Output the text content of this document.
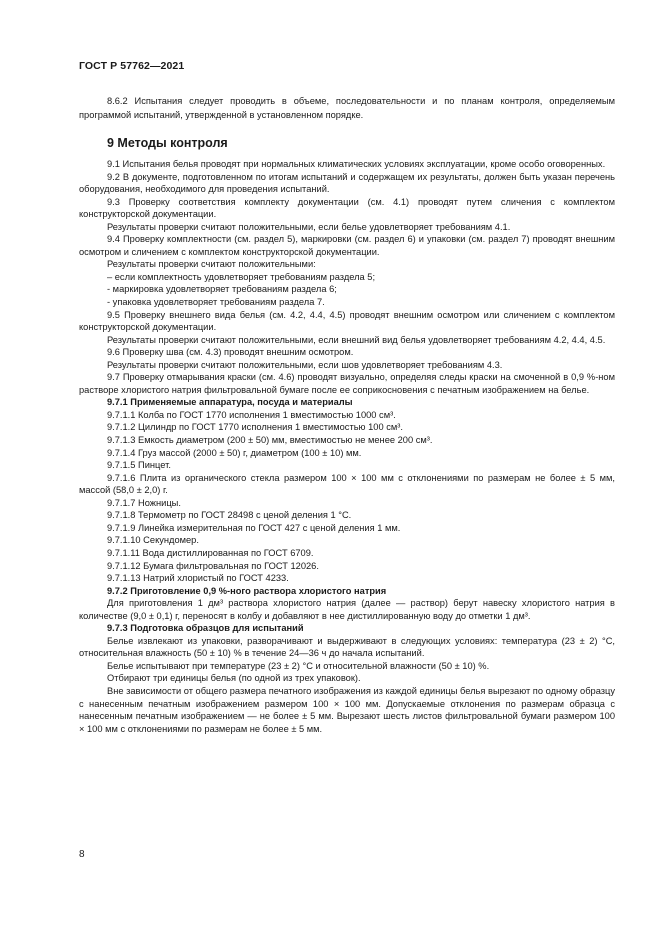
ГОСТ Р 57762—2021

8.6.2 Испытания следует проводить в объеме, последовательности и по планам контроля, определяемым программой испытаний, утвержденной в установленном порядке.

9 Методы контроля

9.1 Испытания белья проводят при нормальных климатических условиях эксплуатации, кроме особо оговоренных.

9.2 В документе, подготовленном по итогам испытаний и содержащем их результаты, должен быть указан перечень оборудования, необходимого для проведения испытаний.

9.3 Проверку соответствия комплекту документации (см. 4.1) проводят путем сличения с комплектом конструкторской документации.

Результаты проверки считают положительными, если белье удовлетворяет требованиям 4.1.

9.4 Проверку комплектности (см. раздел 5), маркировки (см. раздел 6) и упаковки (см. раздел 7) проводят внешним осмотром и сличением с комплектом конструкторской документации.

Результаты проверки считают положительными:

– если комплектность удовлетворяет требованиям раздела 5;

- маркировка удовлетворяет требованиям раздела 6;

- упаковка удовлетворяет требованиям раздела 7.

9.5 Проверку внешнего вида белья (см. 4.2, 4.4, 4.5) проводят внешним осмотром или сличением с комплектом конструкторской документации.

Результаты проверки считают положительными, если внешний вид белья удовлетворяет требованиям 4.2, 4.4, 4.5.

9.6 Проверку шва (см. 4.3) проводят внешним осмотром.

Результаты проверки считают положительными, если шов удовлетворяет требованиям 4.3.

9.7 Проверку отмарывания краски (см. 4.6) проводят визуально, определяя следы краски на смоченной в 0,9 %-ном растворе хлористого натрия фильтровальной бумаге после ее соприкосновения с печатным изображением на белье.

9.7.1 Применяемые аппаратура, посуда и материалы

9.7.1.1 Колба по ГОСТ 1770 исполнения 1 вместимостью 1000 см³.

9.7.1.2 Цилиндр по ГОСТ 1770 исполнения 1 вместимостью 100 см³.

9.7.1.3 Емкость диаметром (200 ± 50) мм, вместимостью не менее 200 см³.

9.7.1.4 Груз массой (2000 ± 50) г, диаметром (100 ± 10) мм.

9.7.1.5 Пинцет.

9.7.1.6 Плита из органического стекла размером 100 × 100 мм с отклонениями по размерам не более ± 5 мм, массой (58,0 ± 2,0) г.

9.7.1.7 Ножницы.

9.7.1.8 Термометр по ГОСТ 28498 с ценой деления 1 °С.

9.7.1.9 Линейка измерительная по ГОСТ 427 с ценой деления 1 мм.

9.7.1.10 Секундомер.

9.7.1.11 Вода дистиллированная по ГОСТ 6709.

9.7.1.12 Бумага фильтровальная по ГОСТ 12026.

9.7.1.13 Натрий хлористый по ГОСТ 4233.

9.7.2 Приготовление 0,9 %-ного раствора хлористого натрия

Для приготовления 1 дм³ раствора хлористого натрия (далее — раствор) берут навеску хлористого натрия в количестве (9,0 ± 0,1) г, переносят в колбу и добавляют в нее дистиллированную воду до отметки 1 дм³.

9.7.3 Подготовка образцов для испытаний

Белье извлекают из упаковки, разворачивают и выдерживают в следующих условиях: температура (23 ± 2) °С, относительная влажность (50 ± 10) % в течение 24—36 ч до начала испытаний.

Белье испытывают при температуре (23 ± 2) °С и относительной влажности (50 ± 10) %.

Отбирают три единицы белья (по одной из трех упаковок).

Вне зависимости от общего размера печатного изображения из каждой единицы белья вырезают по одному образцу с нанесенным печатным изображением размером 100 × 100 мм. Допускаемые отклонения по размерам образца с нанесенным печатным изображением — не более ± 5 мм. Вырезают шесть листов фильтровальной бумаги размером 100 × 100 мм с отклонениями по размерам не более ± 5 мм.

8
